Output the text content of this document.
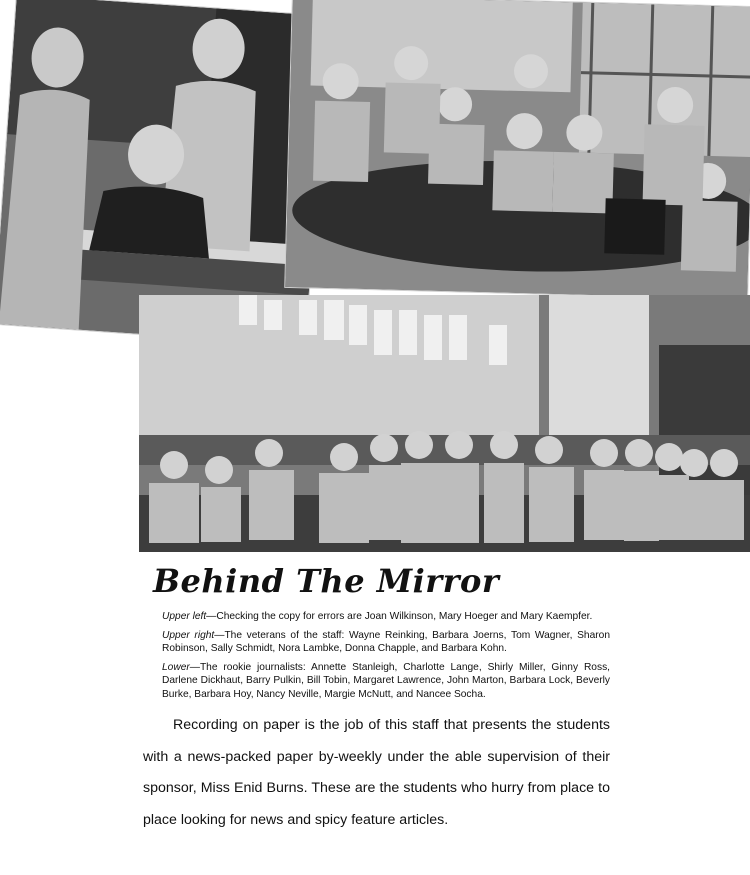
Behind The Mirror

Upper left—Checking the copy for errors are Joan Wilkinson, Mary Hoeger and Mary Kaempfer.

Upper right—The veterans of the staff: Wayne Reinking, Barbara Joerns, Tom Wagner, Sharon Robinson, Sally Schmidt, Nora Lambke, Donna Chapple, and Barbara Kohn.

Lower—The rookie journalists: Annette Stanleigh, Charlotte Lange, Shirly Miller, Ginny Ross, Darlene Dickhaut, Barry Pulkin, Bill Tobin, Margaret Lawrence, John Marton, Barbara Lock, Beverly Burke, Barbara Hoy, Nancy Neville, Margie McNutt, and Nancee Socha.

Recording on paper is the job of this staff that presents the students with a news-packed paper by-weekly under the able supervision of their sponsor, Miss Enid Burns. These are the students who hurry from place to place looking for news and spicy feature articles.
